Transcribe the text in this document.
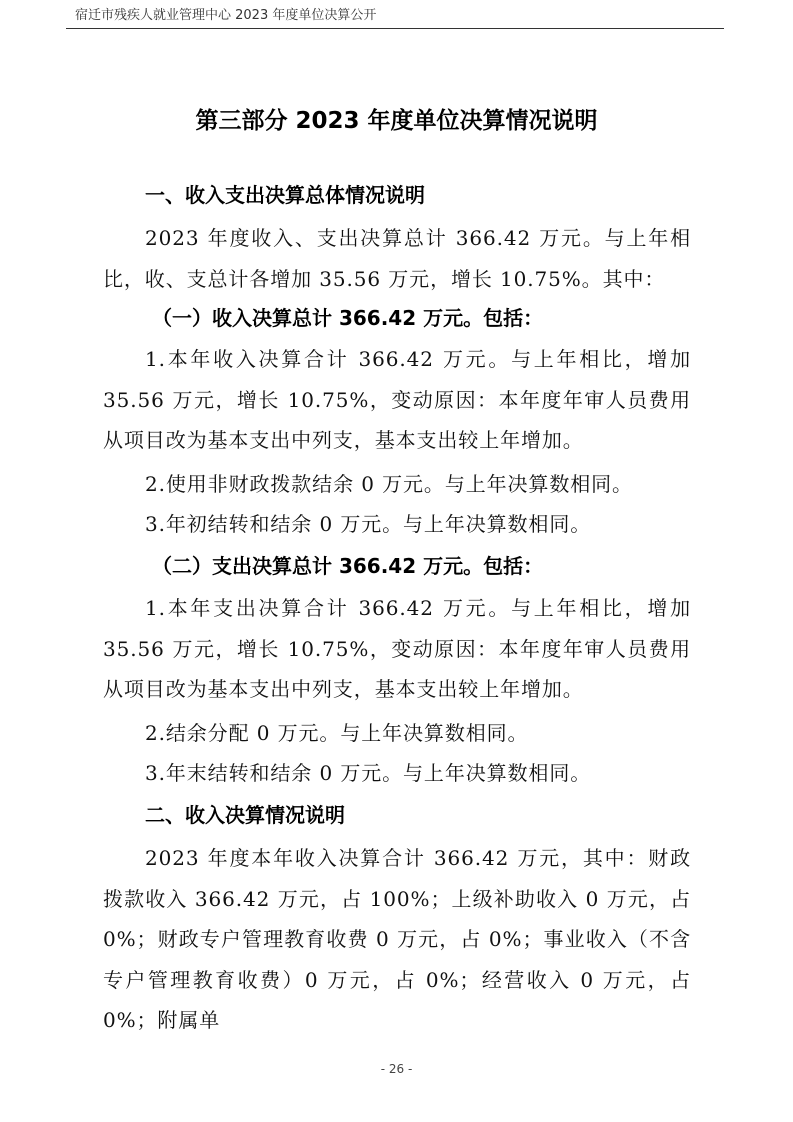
宿迁市残疾人就业管理中心 2023 年度单位决算公开
第三部分 2023 年度单位决算情况说明
一、收入支出决算总体情况说明
2023 年度收入、支出决算总计 366.42 万元。与上年相比，收、支总计各增加 35.56 万元，增长 10.75%。其中：
（一）收入决算总计 366.42 万元。包括：
1.本年收入决算合计 366.42 万元。与上年相比，增加 35.56 万元，增长 10.75%，变动原因：本年度年审人员费用从项目改为基本支出中列支，基本支出较上年增加。
2.使用非财政拨款结余 0 万元。与上年决算数相同。
3.年初结转和结余 0 万元。与上年决算数相同。
（二）支出决算总计 366.42 万元。包括：
1.本年支出决算合计 366.42 万元。与上年相比，增加 35.56 万元，增长 10.75%，变动原因：本年度年审人员费用从项目改为基本支出中列支，基本支出较上年增加。
2.结余分配 0 万元。与上年决算数相同。
3.年末结转和结余 0 万元。与上年决算数相同。
二、收入决算情况说明
2023 年度本年收入决算合计 366.42 万元，其中：财政拨款收入 366.42 万元，占 100%；上级补助收入 0 万元，占 0%；财政专户管理教育收费 0 万元，占 0%；事业收入（不含专户管理教育收费）0 万元，占 0%；经营收入 0 万元，占 0%；附属单
- 26 -
